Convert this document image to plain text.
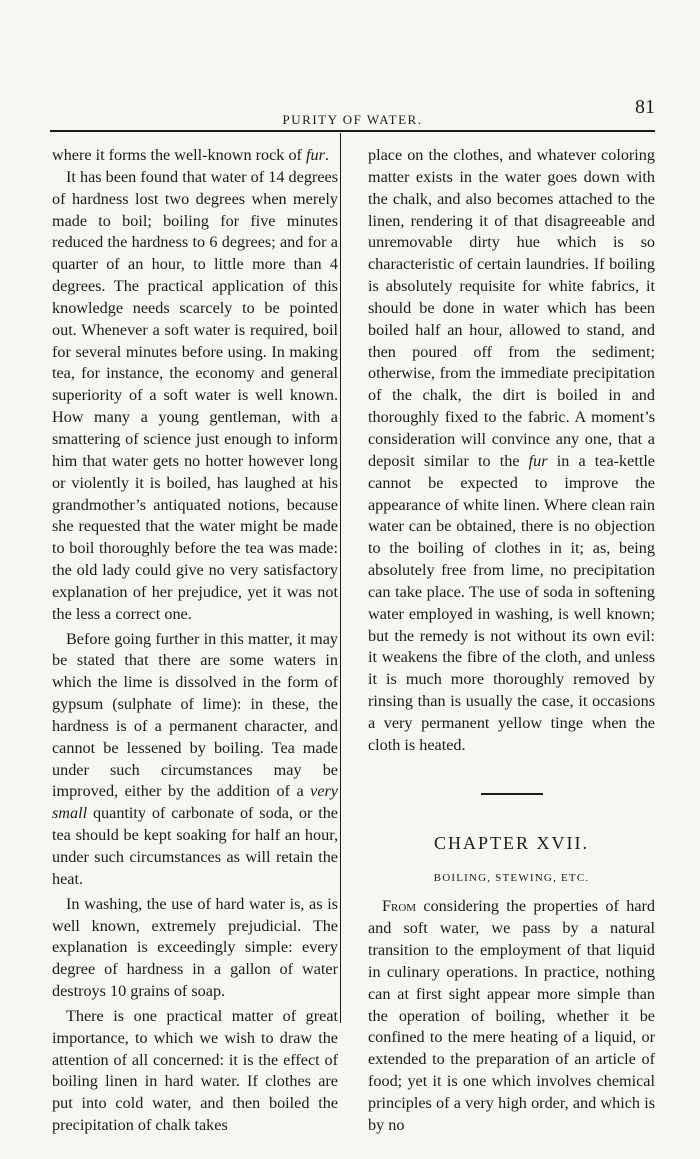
PURITY OF WATER.
81

where it forms the well-known rock of fur.

It has been found that water of 14 degrees of hardness lost two degrees when merely made to boil; boiling for five minutes reduced the hardness to 6 degrees; and for a quarter of an hour, to little more than 4 degrees. The practical application of this knowledge needs scarcely to be pointed out. Whenever a soft water is required, boil for several minutes before using. In making tea, for instance, the economy and general superiority of a soft water is well known. How many a young gentleman, with a smattering of science just enough to inform him that water gets no hotter however long or violently it is boiled, has laughed at his grandmother’s antiquated notions, because she requested that the water might be made to boil thoroughly before the tea was made: the old lady could give no very satisfactory explanation of her prejudice, yet it was not the less a correct one.

Before going further in this matter, it may be stated that there are some waters in which the lime is dissolved in the form of gypsum (sulphate of lime): in these, the hardness is of a permanent character, and cannot be lessened by boiling. Tea made under such circumstances may be improved, either by the addition of a very small quantity of carbonate of soda, or the tea should be kept soaking for half an hour, under such circumstances as will retain the heat.

In washing, the use of hard water is, as is well known, extremely prejudicial. The explanation is exceedingly simple: every degree of hardness in a gallon of water destroys 10 grains of soap.

There is one practical matter of great importance, to which we wish to draw the attention of all concerned: it is the effect of boiling linen in hard water. If clothes are put into cold water, and then boiled the precipitation of chalk takes

place on the clothes, and whatever coloring matter exists in the water goes down with the chalk, and also becomes attached to the linen, rendering it of that disagreeable and unremovable dirty hue which is so characteristic of certain laundries. If boiling is absolutely requisite for white fabrics, it should be done in water which has been boiled half an hour, allowed to stand, and then poured off from the sediment; otherwise, from the immediate precipitation of the chalk, the dirt is boiled in and thoroughly fixed to the fabric. A moment’s consideration will convince any one, that a deposit similar to the fur in a tea-kettle cannot be expected to improve the appearance of white linen. Where clean rain water can be obtained, there is no objection to the boiling of clothes in it; as, being absolutely free from lime, no precipitation can take place. The use of soda in softening water employed in washing, is well known; but the remedy is not without its own evil: it weakens the fibre of the cloth, and unless it is much more thoroughly removed by rinsing than is usually the case, it occasions a very permanent yellow tinge when the cloth is heated.

CHAPTER XVII.
BOILING, STEWING, ETC.

From considering the properties of hard and soft water, we pass by a natural transition to the employment of that liquid in culinary operations. In practice, nothing can at first sight appear more simple than the operation of boiling, whether it be confined to the mere heating of a liquid, or extended to the preparation of an article of food; yet it is one which involves chemical principles of a very high order, and which is by no
